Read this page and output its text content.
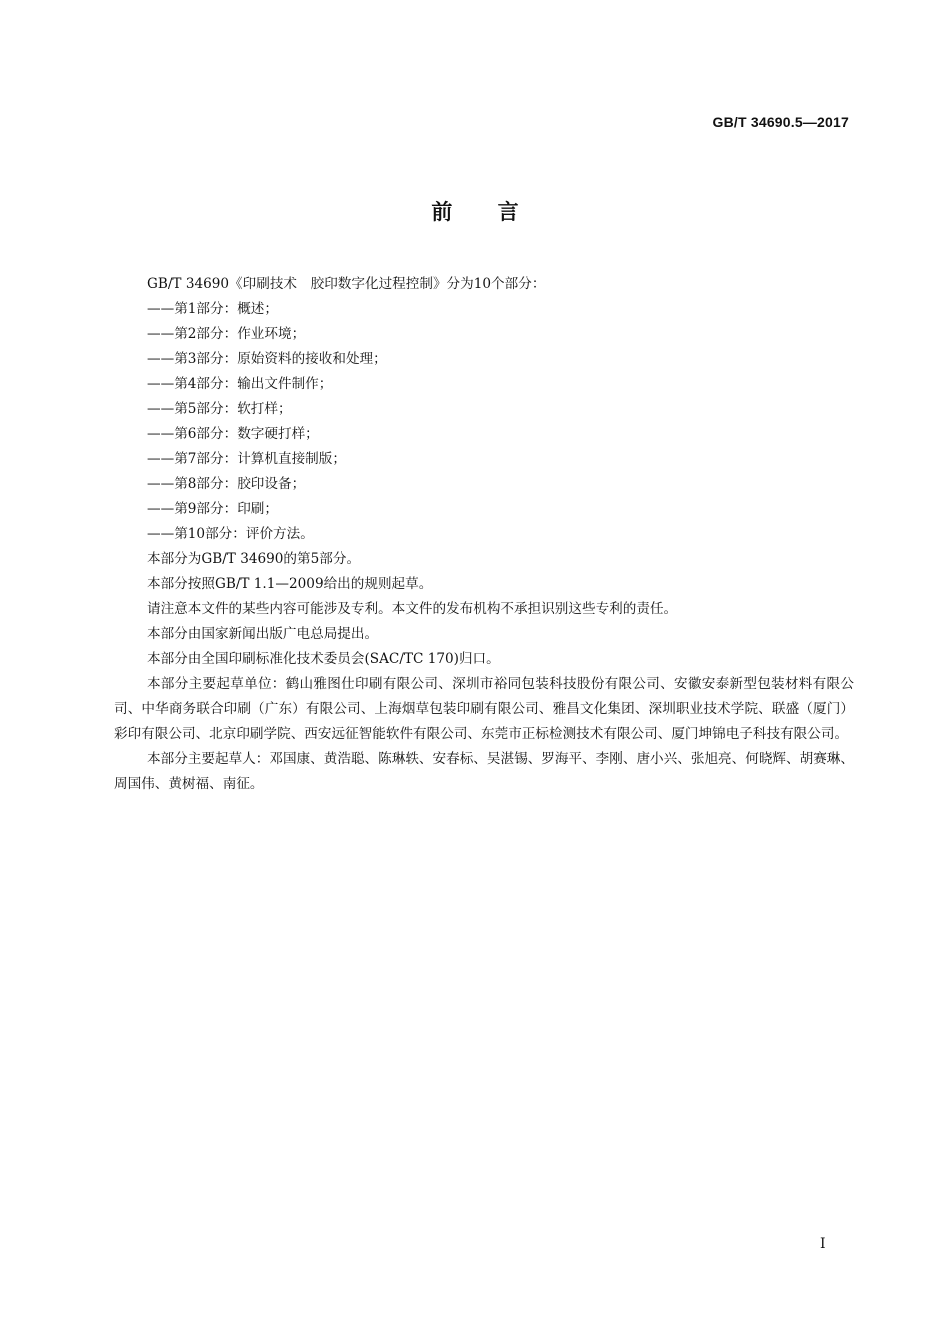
GB/T 34690.5—2017
前 言

GB/T 34690《印刷技术　胶印数字化过程控制》分为10个部分：

——第1部分：概述；

——第2部分：作业环境；

——第3部分：原始资料的接收和处理；

——第4部分：输出文件制作；

——第5部分：软打样；

——第6部分：数字硬打样；

——第7部分：计算机直接制版；

——第8部分：胶印设备；

——第9部分：印刷；

——第10部分：评价方法。

本部分为GB/T 34690的第5部分。

本部分按照GB/T 1.1—2009给出的规则起草。

请注意本文件的某些内容可能涉及专利。本文件的发布机构不承担识别这些专利的责任。

本部分由国家新闻出版广电总局提出。

本部分由全国印刷标准化技术委员会(SAC/TC 170)归口。

本部分主要起草单位：鹤山雅图仕印刷有限公司、深圳市裕同包装科技股份有限公司、安徽安泰新型包装材料有限公司、中华商务联合印刷（广东）有限公司、上海烟草包装印刷有限公司、雅昌文化集团、深圳职业技术学院、联盛（厦门）彩印有限公司、北京印刷学院、西安远征智能软件有限公司、东莞市正标检测技术有限公司、厦门坤锦电子科技有限公司。

本部分主要起草人：邓国康、黄浩聪、陈琳轶、安春标、吴湛锡、罗海平、李刚、唐小兴、张旭亮、何晓辉、胡赛琳、周国伟、黄树福、南征。

I
